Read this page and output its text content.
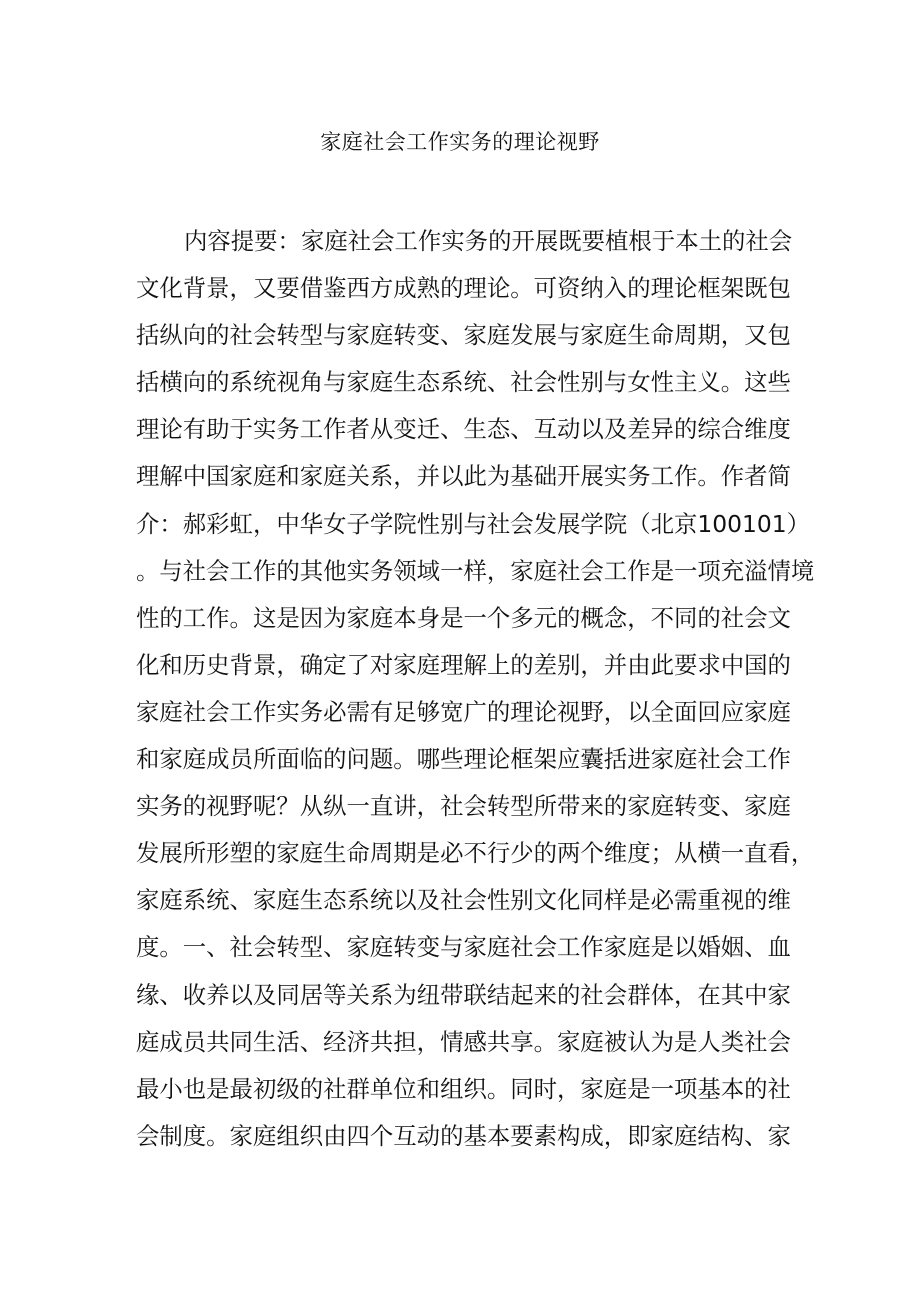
家庭社会工作实务的理论视野
内容提要：家庭社会工作实务的开展既要植根于本土的社会
文化背景，又要借鉴西方成熟的理论。可资纳入的理论框架既包
括纵向的社会转型与家庭转变、家庭发展与家庭生命周期，又包
括横向的系统视角与家庭生态系统、社会性别与女性主义。这些
理论有助于实务工作者从变迁、生态、互动以及差异的综合维度
理解中国家庭和家庭关系，并以此为基础开展实务工作。作者简
介：郝彩虹，中华女子学院性别与社会发展学院（北京100101）
。与社会工作的其他实务领域一样，家庭社会工作是一项充溢情境
性的工作。这是因为家庭本身是一个多元的概念，不同的社会文
化和历史背景，确定了对家庭理解上的差别，并由此要求中国的
家庭社会工作实务必需有足够宽广的理论视野，以全面回应家庭
和家庭成员所面临的问题。哪些理论框架应囊括进家庭社会工作
实务的视野呢？从纵一直讲，社会转型所带来的家庭转变、家庭
发展所形塑的家庭生命周期是必不行少的两个维度；从横一直看，
家庭系统、家庭生态系统以及社会性别文化同样是必需重视的维
度。一、社会转型、家庭转变与家庭社会工作家庭是以婚姻、血
缘、收养以及同居等关系为纽带联结起来的社会群体，在其中家
庭成员共同生活、经济共担，情感共享。家庭被认为是人类社会
最小也是最初级的社群单位和组织。同时，家庭是一项基本的社
会制度。家庭组织由四个互动的基本要素构成，即家庭结构、家
